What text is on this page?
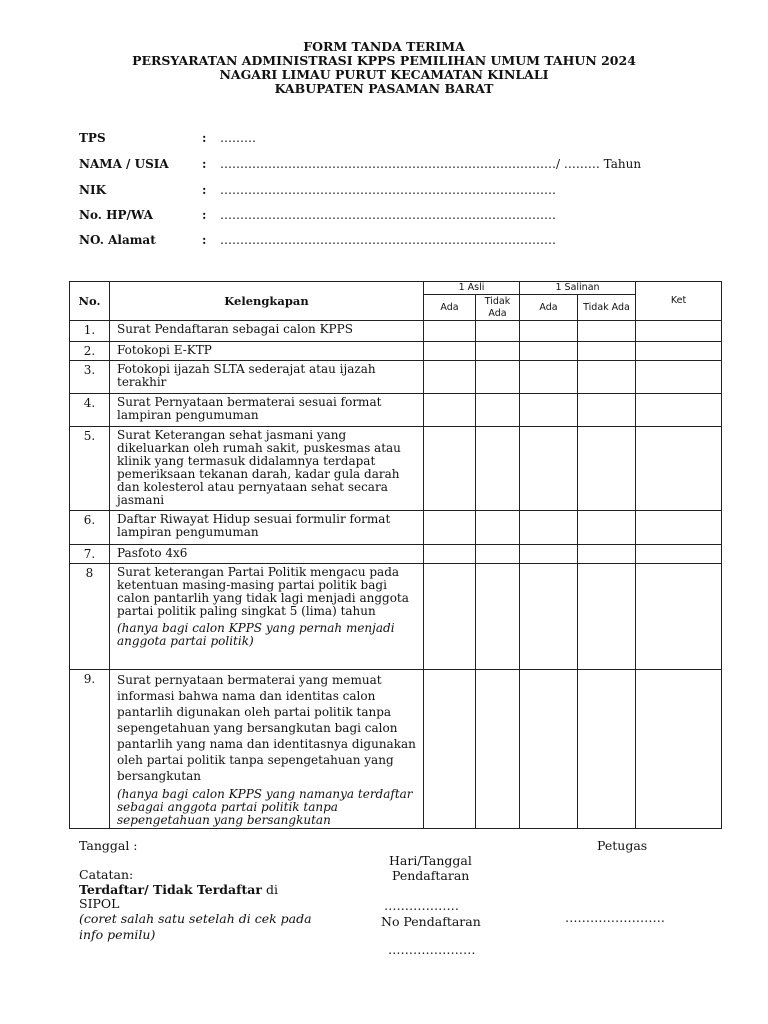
FORM TANDA TERIMA
PERSYARATAN ADMINISTRASI KPPS PEMILIHAN UMUM TAHUN 2024
NAGARI LIMAU PURUT KECAMATAN KINLALI
KABUPATEN PASAMAN BARAT
TPS	: ………
NAMA / USIA	: …………………………………………………………………………/ ……… Tahun
NIK	: …………………………………………………………………………
No. HP/WA	: …………………………………………………………………………
NO. Alamat	: …………………………………………………………………………
No.	Kelengkapan	1 Asli		1 Salinan		Ket
		Ada	Tidak Ada	Ada	Tidak Ada	
1.	Surat Pendaftaran sebagai calon KPPS					
2.	Fotokopi E-KTP					
3.	Fotokopi ijazah SLTA sederajat atau ijazah terakhir					
4.	Surat Pernyataan bermaterai sesuai format lampiran pengumuman					
5.	Surat Keterangan sehat jasmani yang dikeluarkan oleh rumah sakit, puskesmas atau klinik yang termasuk didalamnya terdapat pemeriksaan tekanan darah, kadar gula darah dan kolesterol atau pernyataan sehat secara jasmani					
6.	Daftar Riwayat Hidup sesuai formulir format lampiran pengumuman					
7.	Pasfoto 4x6					
8	Surat keterangan Partai Politik mengacu pada ketentuan masing-masing partai politik bagi calon pantarlih yang tidak lagi menjadi anggota partai politik paling singkat 5 (lima) tahun
(hanya bagi calon KPPS yang pernah menjadi anggota partai politik)					

9.	Surat pernyataan bermaterai yang memuat informasi bahwa nama dan identitas calon pantarlih digunakan oleh partai politik tanpa sepengetahuan yang bersangkutan bagi calon pantarlih yang nama dan identitasnya digunakan oleh partai politik tanpa sepengetahuan yang bersangkutan
(hanya bagi calon KPPS yang namanya terdaftar sebagai anggota partai politik tanpa sepengetahuan yang bersangkutan					

Tanggal :	Petugas
Hari/Tanggal
Pendaftaran
Catatan:
Terdaftar/ Tidak Terdaftar di
SIPOL
(coret salah satu setelah di cek pada info pemilu)
………………
No Pendaftaran
…………………
……………………
